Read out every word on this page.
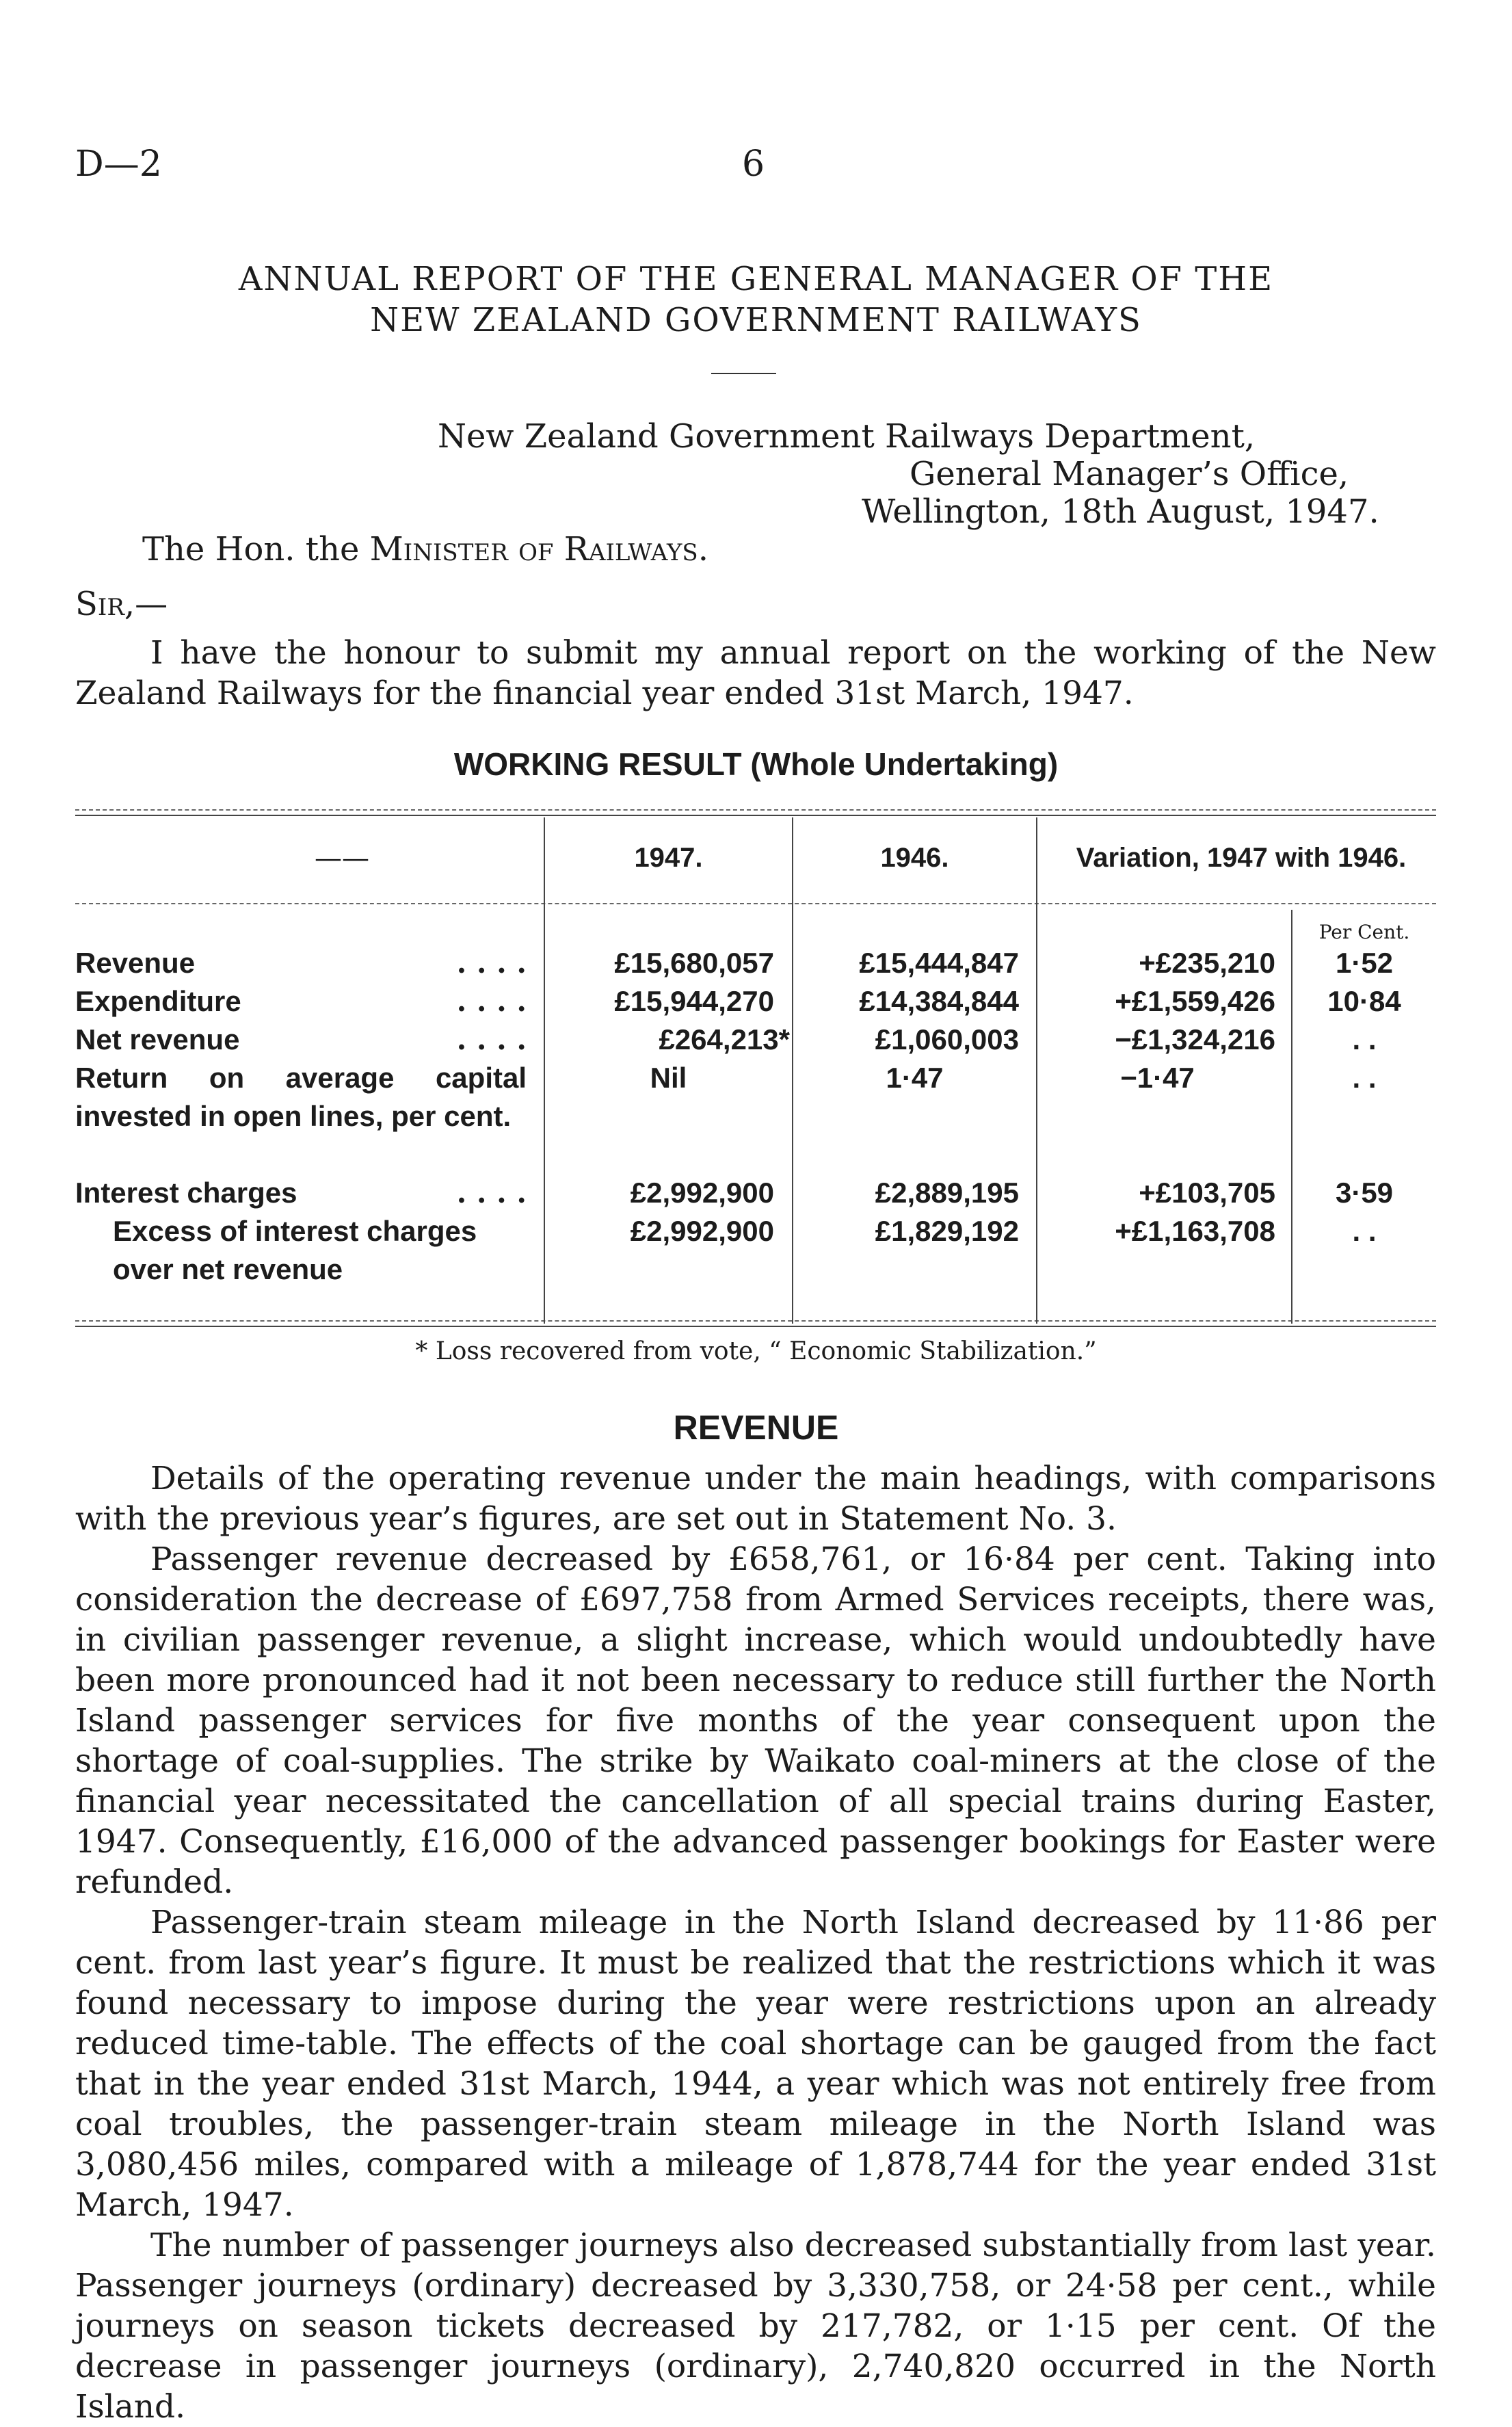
D—2	6
ANNUAL REPORT OF THE GENERAL MANAGER OF THE
NEW ZEALAND GOVERNMENT RAILWAYS
New Zealand Government Railways Department,
General Manager’s Office,
Wellington, 18th August, 1947.
The Hon. the Minister of Railways.
Sir,—

I have the honour to submit my annual report on the working of the New Zealand Railways for the financial year ended 31st March, 1947.

WORKING RESULT (Whole Undertaking)
——	1947.	1946.	Variation, 1947 with 1946.
Per Cent.
Revenue	. . . .	£15,680,057	£15,444,847	+£235,210	1·52
Expenditure	. . . .	£15,944,270	£14,384,844	+£1,559,426	10·84
Net revenue	. . . .	£264,213*	£1,060,003	−£1,324,216	. .
Return on average capital invested in open lines, per cent.
Nil	1·47	−1·47	. .
Interest charges	. . . .	£2,992,900	£2,889,195	+£103,705	3·59
Excess of interest charges over net revenue
£2,992,900	£1,829,192	+£1,163,708	. .
* Loss recovered from vote, “ Economic Stabilization.”
REVENUE

Details of the operating revenue under the main headings, with comparisons with the previous year’s figures, are set out in Statement No. 3.

Passenger revenue decreased by £658,761, or 16·84 per cent. Taking into consideration the decrease of £697,758 from Armed Services receipts, there was, in civilian passenger revenue, a slight increase, which would undoubtedly have been more pronounced had it not been necessary to reduce still further the North Island passenger services for five months of the year consequent upon the shortage of coal-supplies. The strike by Waikato coal-miners at the close of the financial year necessitated the cancellation of all special trains during Easter, 1947. Consequently, £16,000 of the advanced passenger bookings for Easter were refunded.

Passenger-train steam mileage in the North Island decreased by 11·86 per cent. from last year’s figure. It must be realized that the restrictions which it was found necessary to impose during the year were restrictions upon an already reduced time-table. The effects of the coal shortage can be gauged from the fact that in the year ended 31st March, 1944, a year which was not entirely free from coal troubles, the passenger-train steam mileage in the North Island was 3,080,456 miles, compared with a mileage of 1,878,744 for the year ended 31st March, 1947.

The number of passenger journeys also decreased substantially from last year. Passenger journeys (ordinary) decreased by 3,330,758, or 24·58 per cent., while journeys on season tickets decreased by 217,782, or 1·15 per cent. Of the decrease in passenger journeys (ordinary), 2,740,820 occurred in the North Island.
